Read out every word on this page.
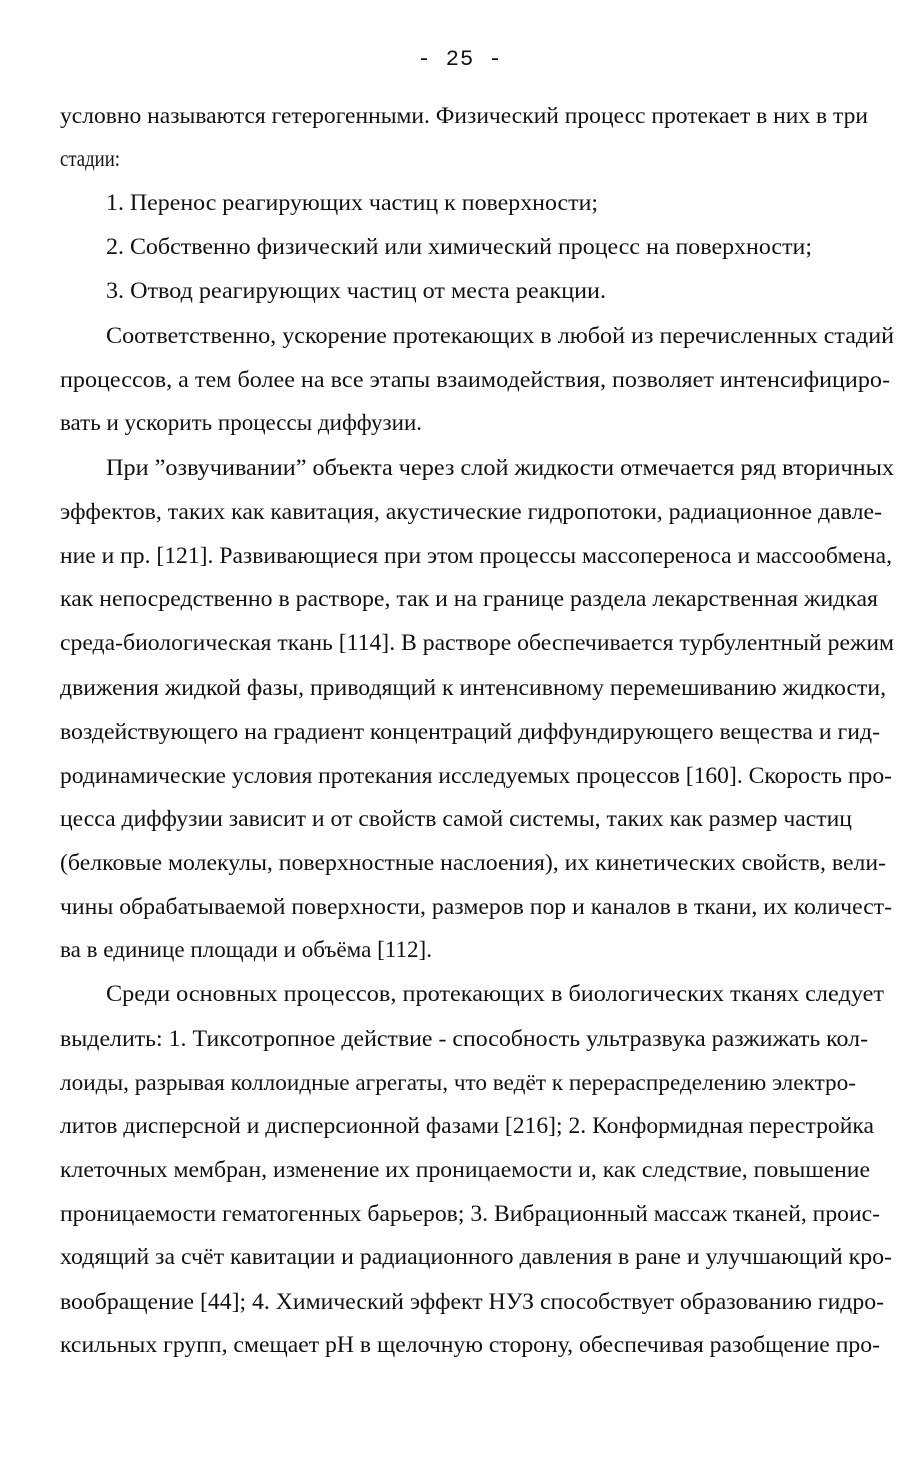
- 25 -
условно называются гетерогенными. Физический процесс протекает в них в три
стадии:
1. Перенос реагирующих частиц к поверхности;
2. Собственно физический или химический процесс на поверхности;
3. Отвод реагирующих частиц от места реакции.
Соответственно, ускорение протекающих в любой из перечисленных стадий
процессов, а тем более на все этапы взаимодействия, позволяет интенсифициро-
вать и ускорить процессы диффузии.
При ”озвучивании” объекта через слой жидкости отмечается ряд вторичных
эффектов, таких как кавитация, акустические гидропотоки, радиационное давле-
ние и пр. [121]. Развивающиеся при этом процессы массопереноса и массообмена,
как непосредственно в растворе, так и на границе раздела лекарственная жидкая
среда-биологическая ткань [114]. В растворе обеспечивается турбулентный режим
движения жидкой фазы, приводящий к интенсивному перемешиванию жидкости,
воздействующего на градиент концентраций диффундирующего вещества и гид-
родинамические условия протекания исследуемых процессов [160]. Скорость про-
цесса диффузии зависит и от свойств самой системы, таких как размер частиц
(белковые молекулы, поверхностные наслоения), их кинетических свойств, вели-
чины обрабатываемой поверхности, размеров пор и каналов в ткани, их количест-
ва в единице площади и объёма [112].
Среди основных процессов, протекающих в биологических тканях следует
выделить: 1. Тиксотропное действие - способность ультразвука разжижать кол-
лоиды, разрывая коллоидные агрегаты, что ведёт к перераспределению электро-
литов дисперсной и дисперсионной фазами [216]; 2. Конформидная перестройка
клеточных мембран, изменение их проницаемости и, как следствие, повышение
проницаемости гематогенных барьеров; 3. Вибрационный массаж тканей, проис-
ходящий за счёт кавитации и радиационного давления в ране и улучшающий кро-
вообращение [44]; 4. Химический эффект НУЗ способствует образованию гидро-
ксильных групп, смещает pH в щелочную сторону, обеспечивая разобщение про-
